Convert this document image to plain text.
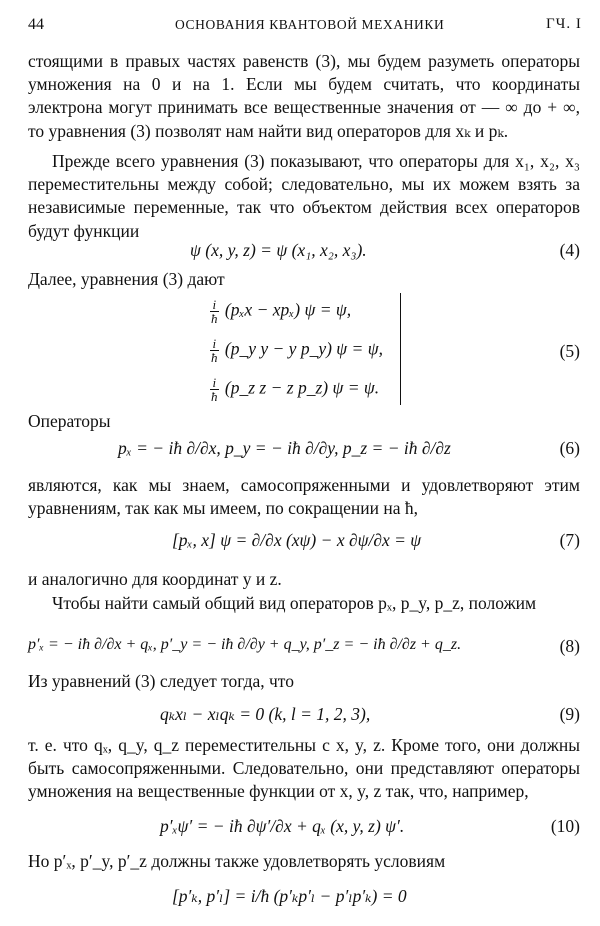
44	ОСНОВАНИЯ КВАНТОВОЙ МЕХАНИКИ	ГЧ. I
стоящими в правых частях равенств (3), мы будем разуметь операторы умножения на 0 и на 1. Если мы будем считать, что координаты электрона могут принимать все вещественные значения от — ∞ до + ∞, то уравнения (3) позволят нам найти вид операторов для xₖ и pₖ.
Прежде всего уравнения (3) показывают, что операторы для x₁, x₂, x₃ переместительны между собой; следовательно, мы их можем взять за независимые переменные, так что объектом действия всех операторов будут функции
ψ (x, y, z) = ψ (x₁, x₂, x₃).	(4)
Далее, уравнения (3) дают
$\frac{i}{ħ} (p_xx - xp_x) \psi = \psi$,
$\frac{i}{ħ}$ (p_y y − y p_y) ψ = ψ,	(5)
$\frac{i}{ħ}$ (p_z z − z p_z) ψ = ψ.
Операторы
pₓ = − iħ ∂/∂x, p_y = − iħ ∂/∂y, p_z = − iħ ∂/∂z	(6)
являются, как мы знаем, самосопряженными и удовлетворяют этим уравнениям, так как мы имеем, по сокращении на ħ,
[pₓ, x] ψ = ∂/∂x (xψ) − x ∂ψ/∂x = ψ	(7)
и аналогично для координат y и z.
Чтобы найти самый общий вид операторов pₓ, p_y, p_z, положим
p′ₓ = − iħ ∂/∂x + qₓ, p′_y = − iħ ∂/∂y + q_y, p′_z = − iħ ∂/∂z + q_z.	(8)
Из уравнений (3) следует тогда, что
qₖxₗ − xₗqₖ = 0 (k, l = 1, 2, 3),	(9)
т. е. что qₓ, q_y, q_z переместительны с x, y, z. Кроме того, они должны быть самосопряженными. Следовательно, они представляют операторы умножения на вещественные функции от x, y, z так, что, например,
p′ₓψ′ = − iħ ∂ψ′/∂x + qₓ (x, y, z) ψ′.	(10)
Но p′ₓ, p′_y, p′_z должны также удовлетворять условиям
[p′ₖ, p′ₗ] = i/ħ (p′ₖp′ₗ − p′ₗp′ₖ) = 0
